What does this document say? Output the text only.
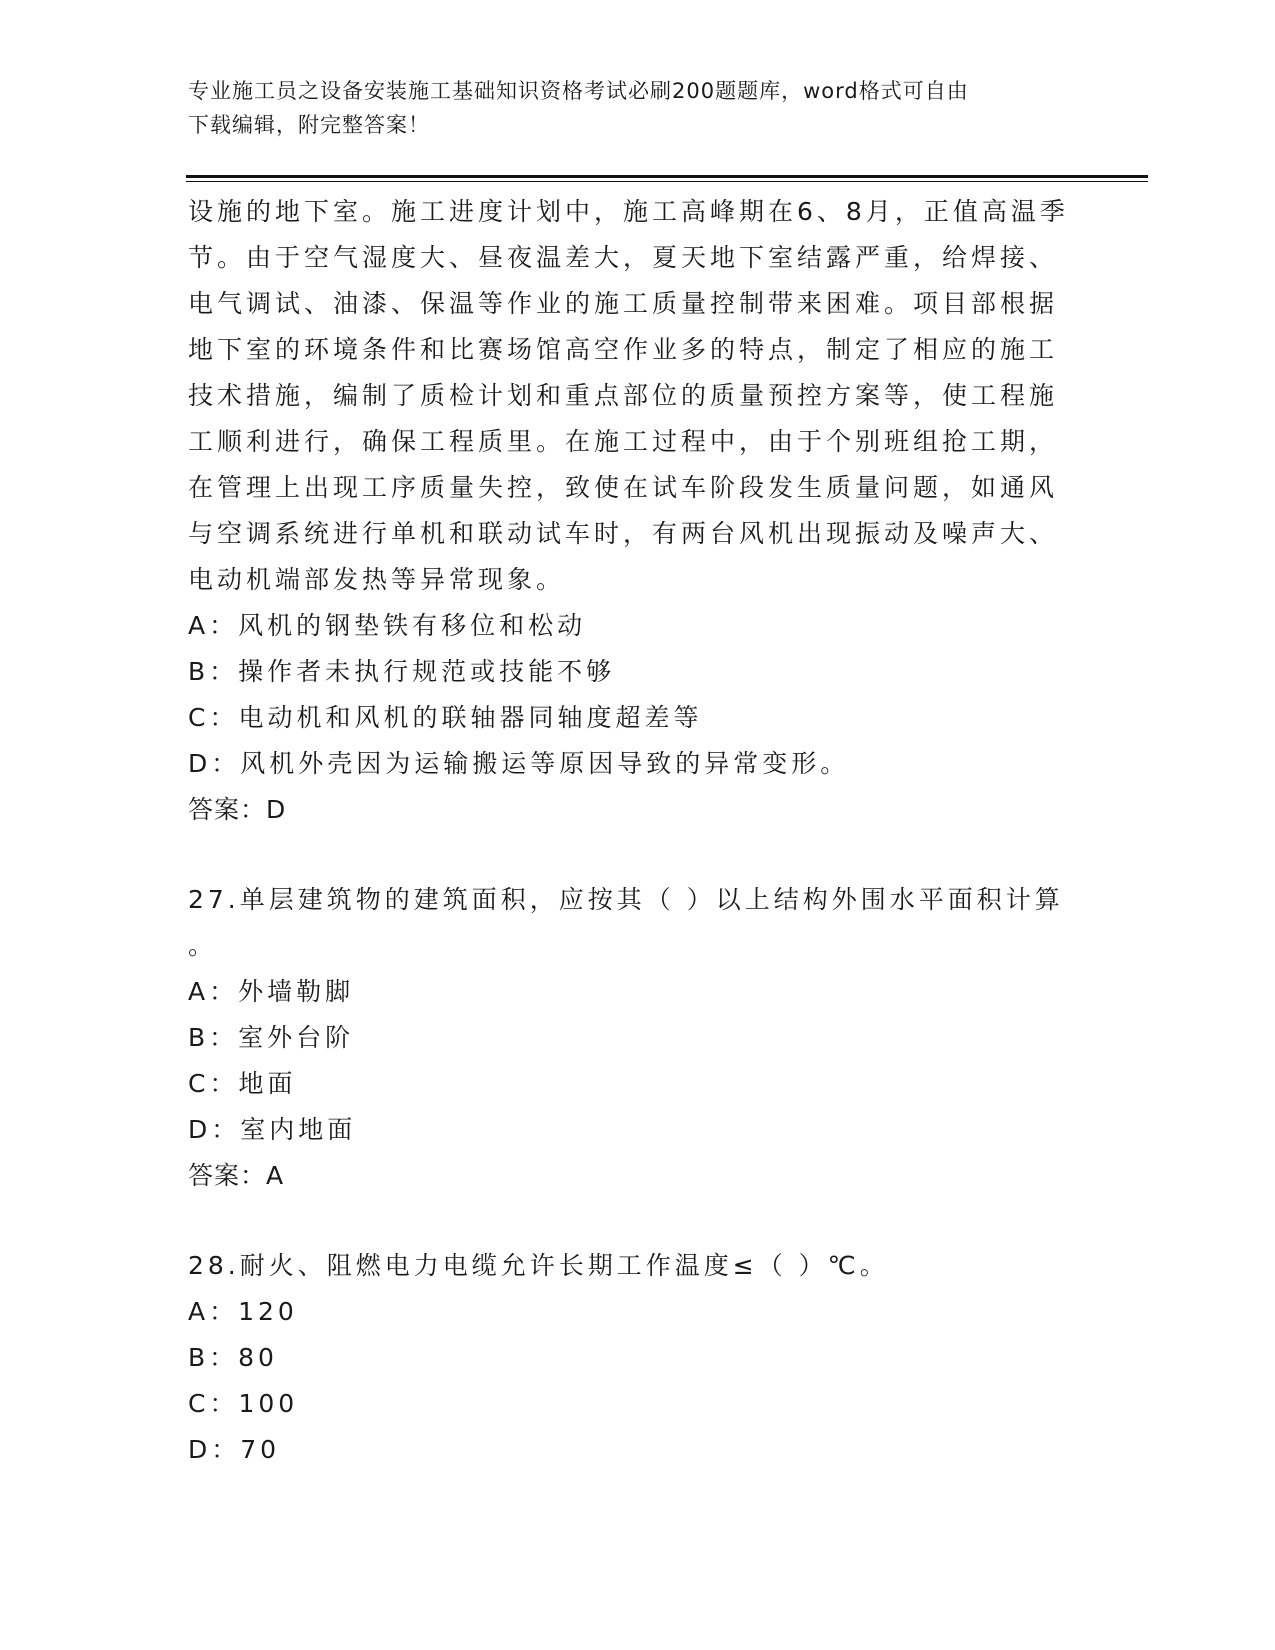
专业施工员之设备安装施工基础知识资格考试必刷200题题库，word格式可自由
下载编辑，附完整答案！
设施的地下室。施工进度计划中，施工高峰期在6、8月，正值高温季
节。由于空气湿度大、昼夜温差大，夏天地下室结露严重，给焊接、
电气调试、油漆、保温等作业的施工质量控制带来困难。项目部根据
地下室的环境条件和比赛场馆高空作业多的特点，制定了相应的施工
技术措施，编制了质检计划和重点部位的质量预控方案等，使工程施
工顺利进行，确保工程质里。在施工过程中，由于个别班组抢工期，
在管理上出现工序质量失控，致使在试车阶段发生质量问题，如通风
与空调系统进行单机和联动试车时，有两台风机出现振动及噪声大、
电动机端部发热等异常现象。
A：风机的钢垫铁有移位和松动
B：操作者未执行规范或技能不够
C：电动机和风机的联轴器同轴度超差等
D：风机外壳因为运输搬运等原因导致的异常变形。
答案：D
27.单层建筑物的建筑面积，应按其（ ）以上结构外围水平面积计算
。
A：外墙勒脚
B：室外台阶
C：地面
D：室内地面
答案：A
28.耐火、阻燃电力电缆允许长期工作温度≤（ ）℃。
A：120
B：80
C：100
D：70
